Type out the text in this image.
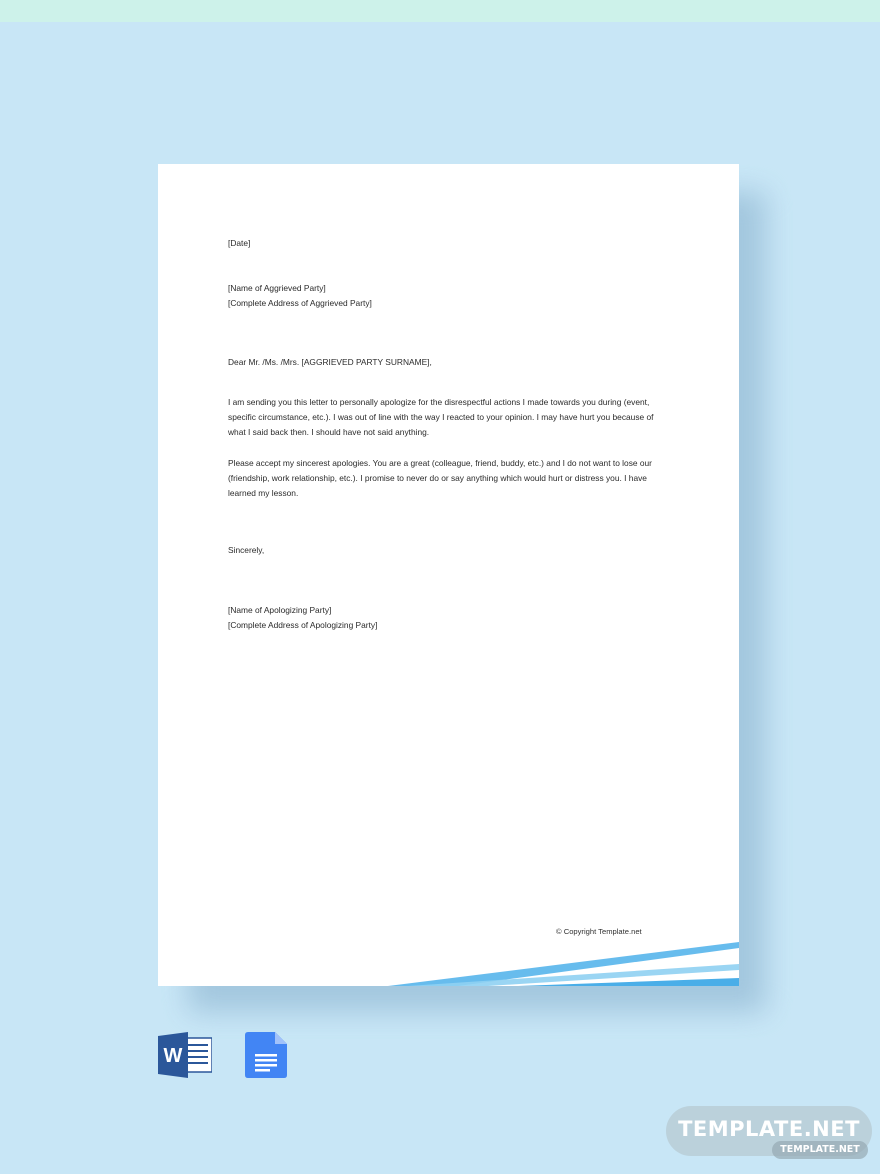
[Date]

[Name of Aggrieved Party]

[Complete Address of Aggrieved Party]

Dear Mr. /Ms. /Mrs. [AGGRIEVED PARTY SURNAME],

I am sending you this letter to personally apologize for the disrespectful actions I made towards you during (event, specific circumstance, etc.). I was out of line with the way I reacted to your opinion. I may have hurt you because of what I said back then. I should have not said anything.

Please accept my sincerest apologies. You are a great (colleague, friend, buddy, etc.) and I do not want to lose our (friendship, work relationship, etc.). I promise to never do or say anything which would hurt or distress you. I have learned my lesson.

Sincerely,

[Name of Apologizing Party]

[Complete Address of Apologizing Party]

© Copyright Template.net
W
TEMPLATE.NET
TEMPLATE.NET
